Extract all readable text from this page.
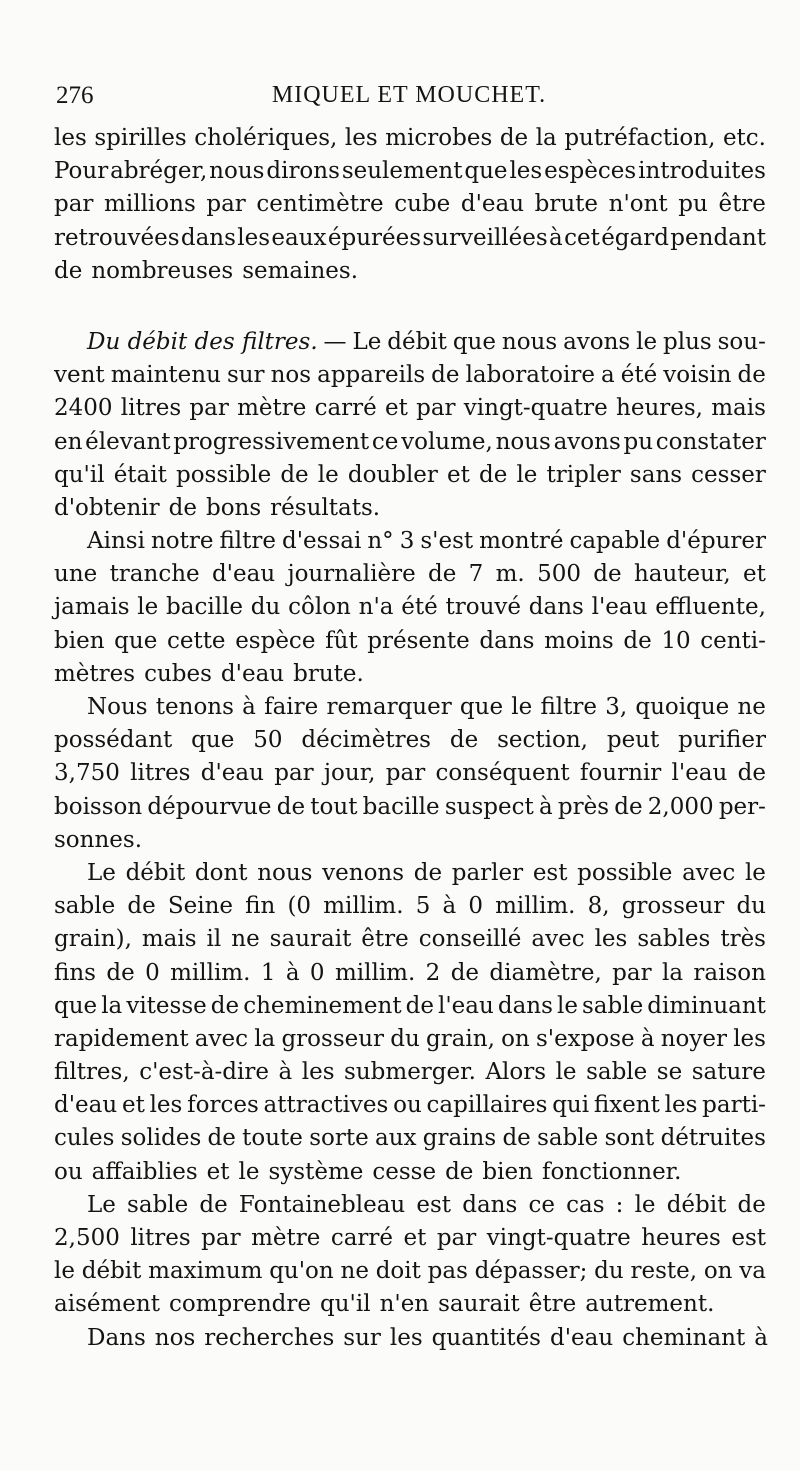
276	MIQUEL ET MOUCHET.
les spirilles cholériques, les microbes de la putréfaction, etc.
Pour abréger, nous dirons seulement que les espèces introduites
par millions par centimètre cube d'eau brute n'ont pu être
retrouvées dans les eaux épurées surveillées à cet égard pendant
de nombreuses semaines.
Du débit des filtres. — Le débit que nous avons le plus sou-
vent maintenu sur nos appareils de laboratoire a été voisin de
2400 litres par mètre carré et par vingt-quatre heures, mais
en élevant progressivement ce volume, nous avons pu constater
qu'il était possible de le doubler et de le tripler sans cesser
d'obtenir de bons résultats.
Ainsi notre filtre d'essai n° 3 s'est montré capable d'épurer
une tranche d'eau journalière de 7 m. 500 de hauteur, et
jamais le bacille du côlon n'a été trouvé dans l'eau effluente,
bien que cette espèce fût présente dans moins de 10 centi-
mètres cubes d'eau brute.
Nous tenons à faire remarquer que le filtre 3, quoique ne
possédant que 50 décimètres de section, peut purifier
3,750 litres d'eau par jour, par conséquent fournir l'eau de
boisson dépourvue de tout bacille suspect à près de 2,000 per-
sonnes.
Le débit dont nous venons de parler est possible avec le
sable de Seine fin (0 millim. 5 à 0 millim. 8, grosseur du
grain), mais il ne saurait être conseillé avec les sables très
fins de 0 millim. 1 à 0 millim. 2 de diamètre, par la raison
que la vitesse de cheminement de l'eau dans le sable diminuant
rapidement avec la grosseur du grain, on s'expose à noyer les
filtres, c'est-à-dire à les submerger. Alors le sable se sature
d'eau et les forces attractives ou capillaires qui fixent les parti-
cules solides de toute sorte aux grains de sable sont détruites
ou affaiblies et le système cesse de bien fonctionner.
Le sable de Fontainebleau est dans ce cas : le débit de
2,500 litres par mètre carré et par vingt-quatre heures est
le débit maximum qu'on ne doit pas dépasser; du reste, on va
aisément comprendre qu'il n'en saurait être autrement.
Dans nos recherches sur les quantités d'eau cheminant à
